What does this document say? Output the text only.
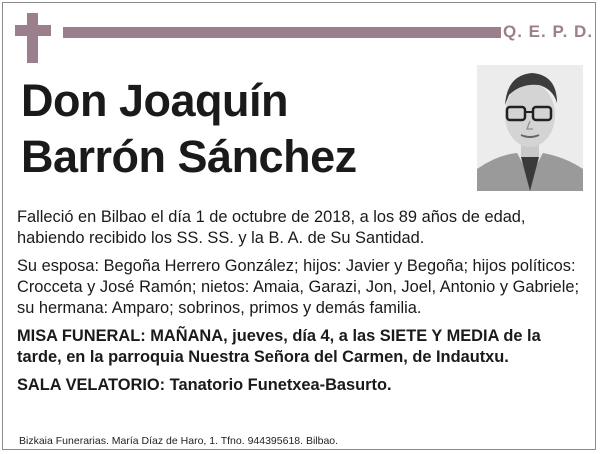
Q. E. P. D.
Don Joaquín
Barrón Sánchez

Falleció en Bilbao el día 1 de octubre de 2018, a los 89 años de edad, habiendo recibido los SS. SS. y la B. A. de Su Santidad.

Su esposa: Begoña Herrero González; hijos: Javier y Begoña; hijos políticos: Crocceta y José Ramón; nietos: Amaia, Garazi, Jon, Joel, Antonio y Gabriele; su hermana: Amparo; sobrinos, primos y demás familia.

MISA FUNERAL: MAÑANA, jueves, día 4, a las SIETE Y MEDIA de la tarde, en la parroquia Nuestra Señora del Carmen, de Indautxu.

SALA VELATORIO: Tanatorio Funetxea-Basurto.

Bizkaia Funerarias. María Díaz de Haro, 1. Tfno. 944395618. Bilbao.
